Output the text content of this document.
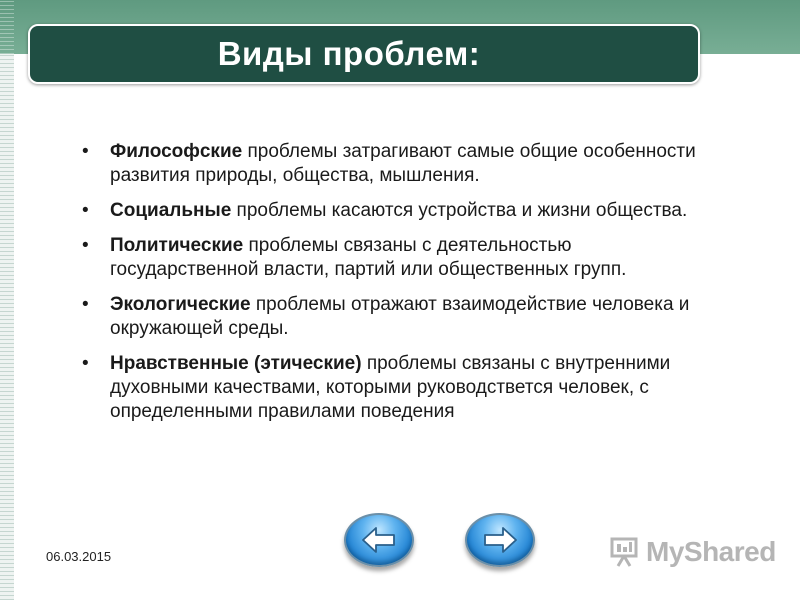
Виды проблем:
• Философские проблемы затрагивают самые общие особенности развития природы, общества, мышления.
• Социальные проблемы касаются устройства и жизни общества.
• Политические проблемы связаны с деятельностью государственной власти, партий или общественных групп.
• Экологические проблемы отражают взаимодействие человека и окружающей среды.
• Нравственные (этические) проблемы связаны с внутренними духовными качествами, которыми руководствется человек, с определенными правилами поведения
06.03.2015	MyShared
